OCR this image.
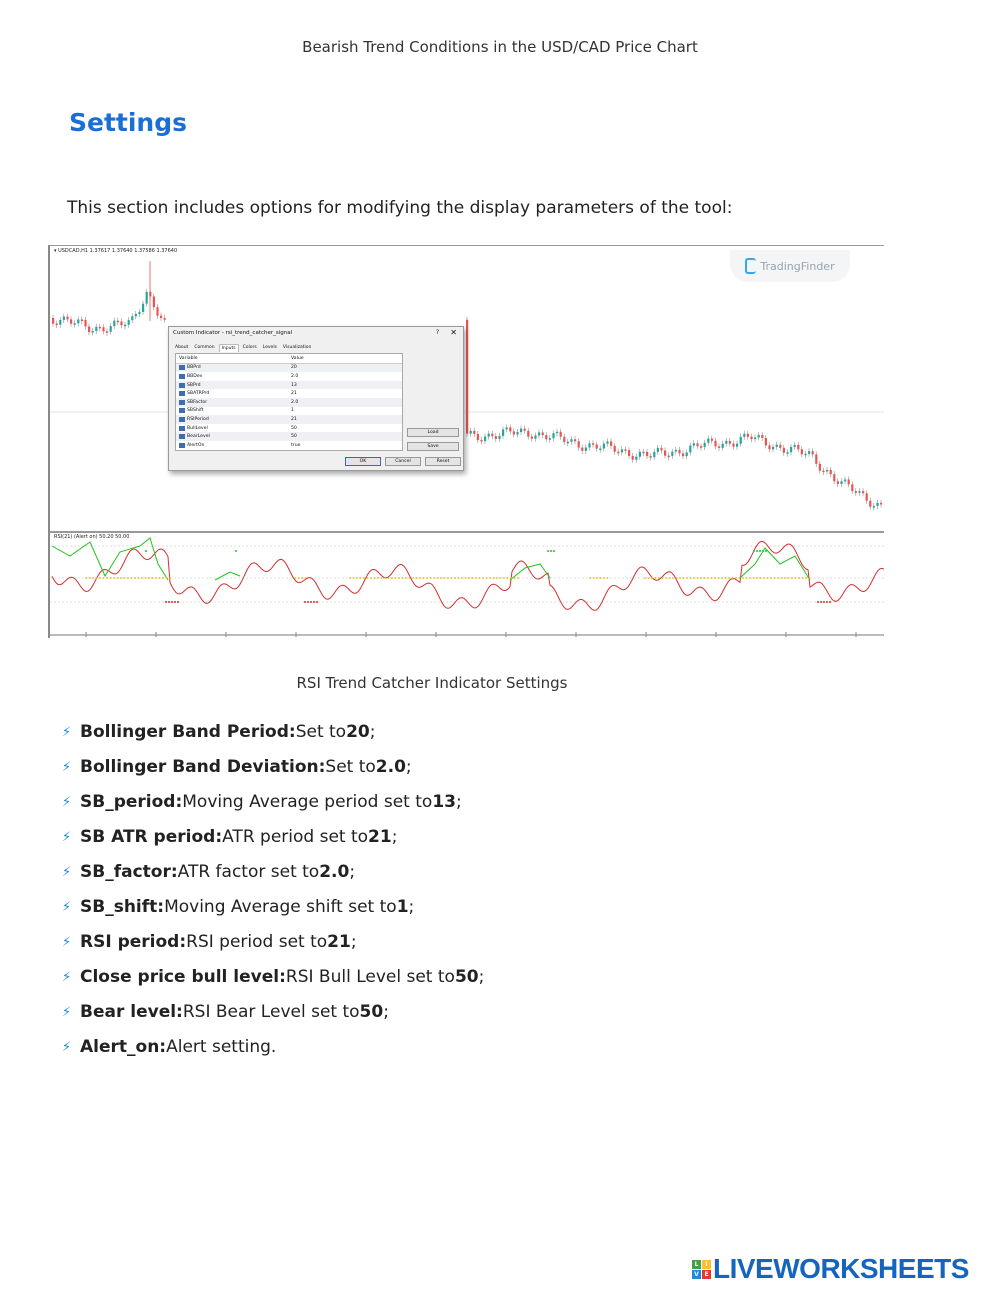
Bearish Trend Conditions in the USD/CAD Price Chart
Settings

This section includes options for modifying the display parameters of the tool:

▾ USDCAD,H1 1.37617 1.37640 1.37586 1.37640
RSI(21) (Alert on) 50.20 50.00
TradingFinder
Custom Indicator - rsi_trend_catcher_signal	? ✕
About	Common	Inputs	Colors	Levels	Visualization
Variable	Value
BBPrd	20
BBDev	2.0
SBPrd	13
SBATRPrd	21
SBFactor	2.0
SBShift	1
RSIPeriod	21
BullLevel	50
BearLevel	50
AlertOn	true
Load
Save
OK	Cancel	Reset
RSI Trend Catcher Indicator Settings
⚡ Bollinger Band Period: Set to 20 ;
⚡ Bollinger Band Deviation: Set to 2.0 ;
⚡ SB_period: Moving Average period set to 13 ;
⚡ SB ATR period: ATR period set to 21 ;
⚡ SB_factor: ATR factor set to 2.0 ;
⚡ SB_shift: Moving Average shift set to 1 ;
⚡ RSI period: RSI period set to 21 ;
⚡ Close price bull level: RSI Bull Level set to 50 ;
⚡ Bear level: RSI Bear Level set to 50 ;
⚡ Alert_on: Alert setting.
L	I
V E LIVEWORKSHEETS
